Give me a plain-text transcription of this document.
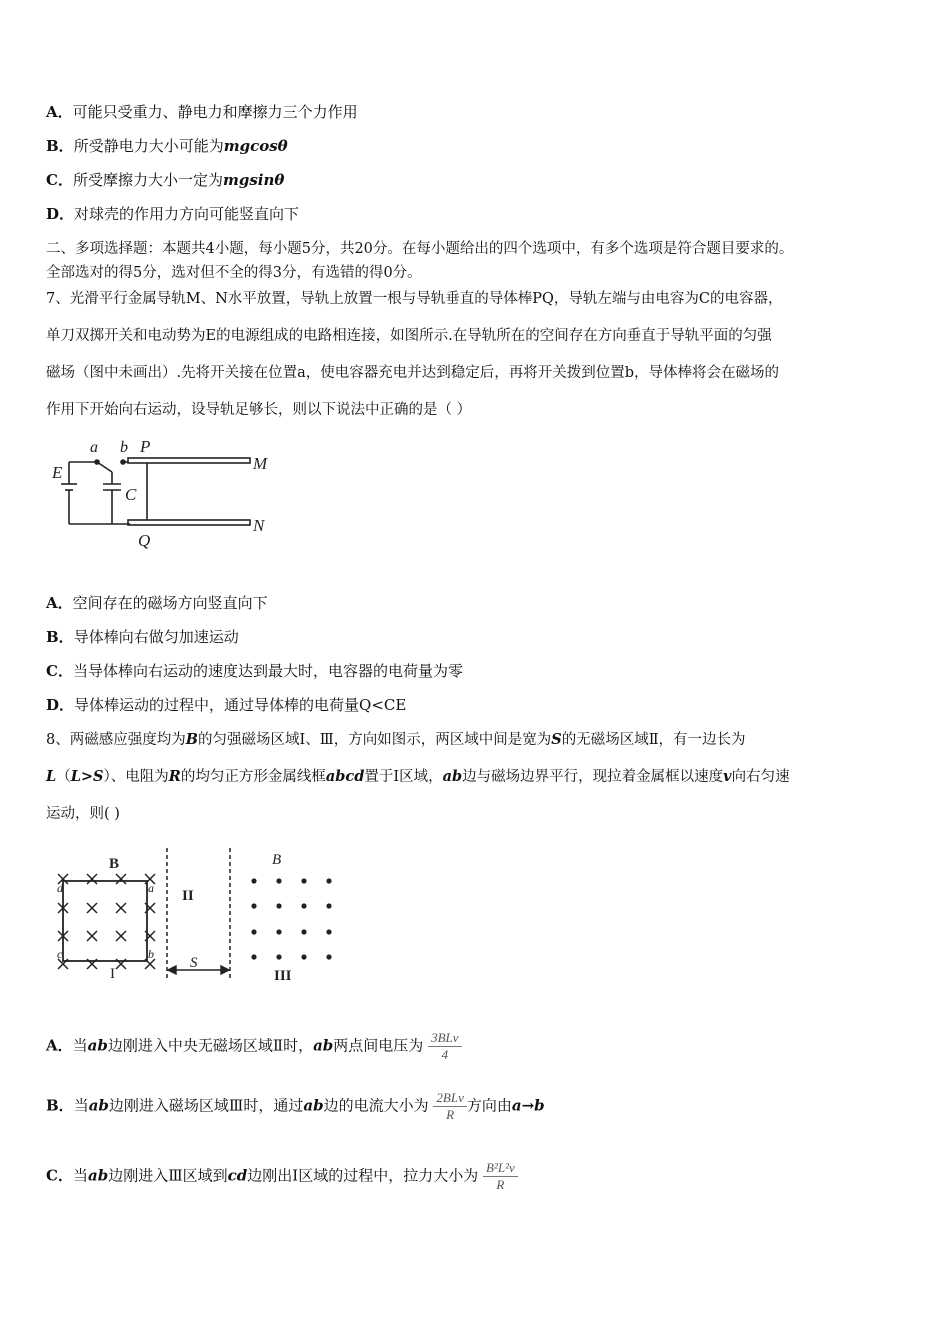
A．可能只受重力、静电力和摩擦力三个力作用
B．所受静电力大小可能为mgcosθ
C．所受摩擦力大小一定为mgsinθ
D．对球壳的作用力方向可能竖直向下
二、多项选择题：本题共4小题，每小题5分，共20分。在每小题给出的四个选项中，有多个选项是符合题目要求的。
全部选对的得5分，选对但不全的得3分，有选错的得0分。
7、光滑平行金属导轨M、N水平放置，导轨上放置一根与导轨垂直的导体棒PQ，导轨左端与由电容为C的电容器，
单刀双掷开关和电动势为E的电源组成的电路相连接，如图所示.在导轨所在的空间存在方向垂直于导轨平面的匀强
磁场（图中未画出）.先将开关接在位置a，使电容器充电并达到稳定后，再将开关拨到位置b，导体棒将会在磁场的
作用下开始向右运动，设导轨足够长，则以下说法中正确的是（ ）
E
a b
C
P
M
N
Q
A．空间存在的磁场方向竖直向下
B．导体棒向右做匀加速运动
C．当导体棒向右运动的速度达到最大时，电容器的电荷量为零
D．导体棒运动的过程中，通过导体棒的电荷量Q<CE
8、两磁感应强度均为B的匀强磁场区域Ⅰ、Ⅲ，方向如图示，两区域中间是宽为S的无磁场区域Ⅱ，有一边长为
L（L>S）、电阻为R的均匀正方形金属线框abcd置于Ⅰ区域，ab边与磁场边界平行，现拉着金属框以速度v向右匀速
运动，则( )
B	B
II
I	III
S
a
b
c
d
A．当ab边刚进入中央无磁场区域Ⅱ时，ab两点间电压为 $\frac{\text{3BLv}}{4}$
B．当ab边刚进入磁场区域Ⅲ时，通过ab边的电流大小为 $\frac{\text{2BLv}}{R}$ 方向由a→b
C．当ab边刚进入Ⅲ区域到cd边刚出Ⅰ区域的过程中，拉力大小为 $\frac{\text{B²L²v}}{R}$
